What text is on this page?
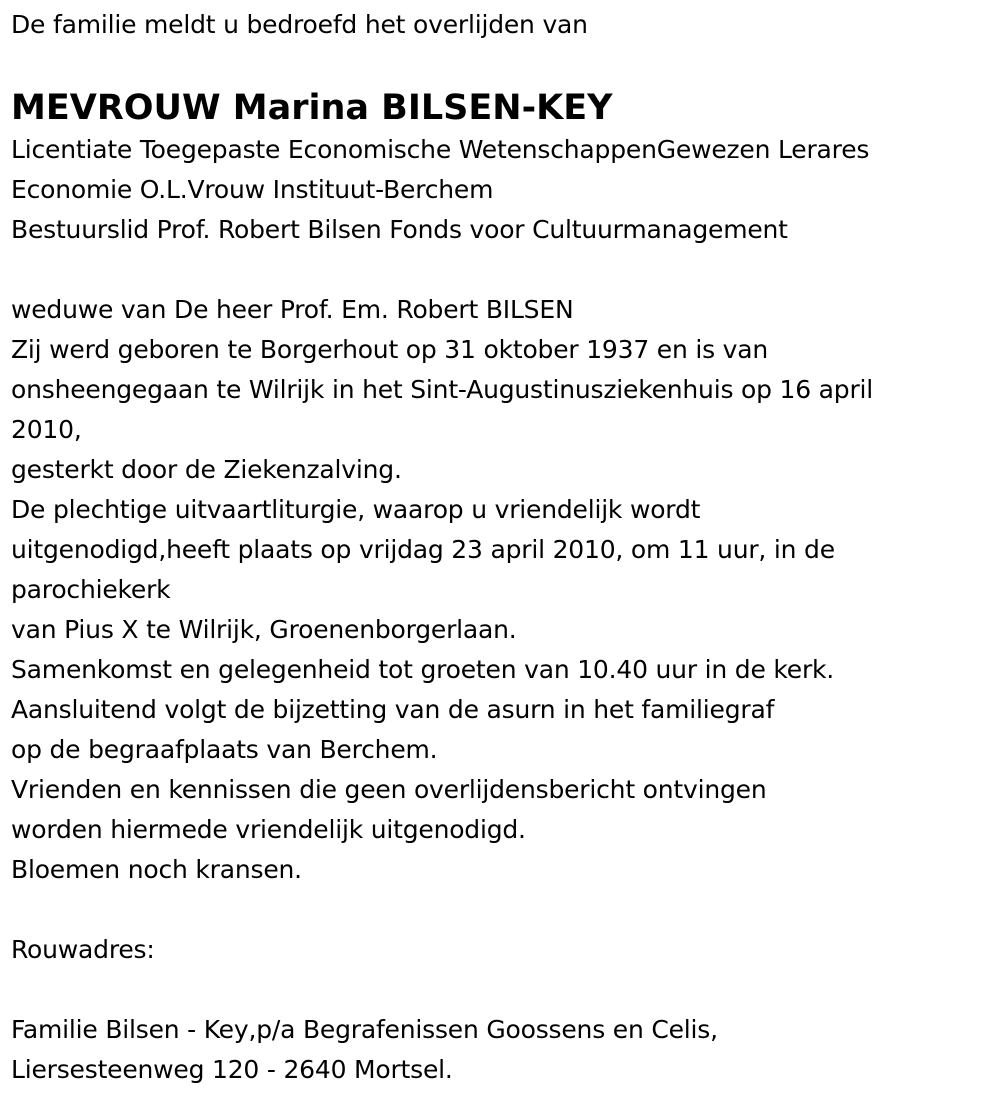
De familie meldt u bedroefd het overlijden van
MEVROUW Marina BILSEN-KEY
Licentiate Toegepaste Economische WetenschappenGewezen Lerares
Economie O.L.Vrouw Instituut-Berchem
Bestuurslid Prof. Robert Bilsen Fonds voor Cultuurmanagement
weduwe van De heer Prof. Em. Robert BILSEN
Zij werd geboren te Borgerhout op 31 oktober 1937 en is van
onsheengegaan te Wilrijk in het Sint-Augustinusziekenhuis op 16 april
2010,
gesterkt door de Ziekenzalving.
De plechtige uitvaartliturgie, waarop u vriendelijk wordt
uitgenodigd,heeft plaats op vrijdag 23 april 2010, om 11 uur, in de
parochiekerk
van Pius X te Wilrijk, Groenenborgerlaan.
Samenkomst en gelegenheid tot groeten van 10.40 uur in de kerk.
Aansluitend volgt de bijzetting van de asurn in het familiegraf
op de begraafplaats van Berchem.
Vrienden en kennissen die geen overlijdensbericht ontvingen
worden hiermede vriendelijk uitgenodigd.
Bloemen noch kransen.
Rouwadres:
Familie Bilsen - Key,p/a Begrafenissen Goossens en Celis,
Liersesteenweg 120 - 2640 Mortsel.
